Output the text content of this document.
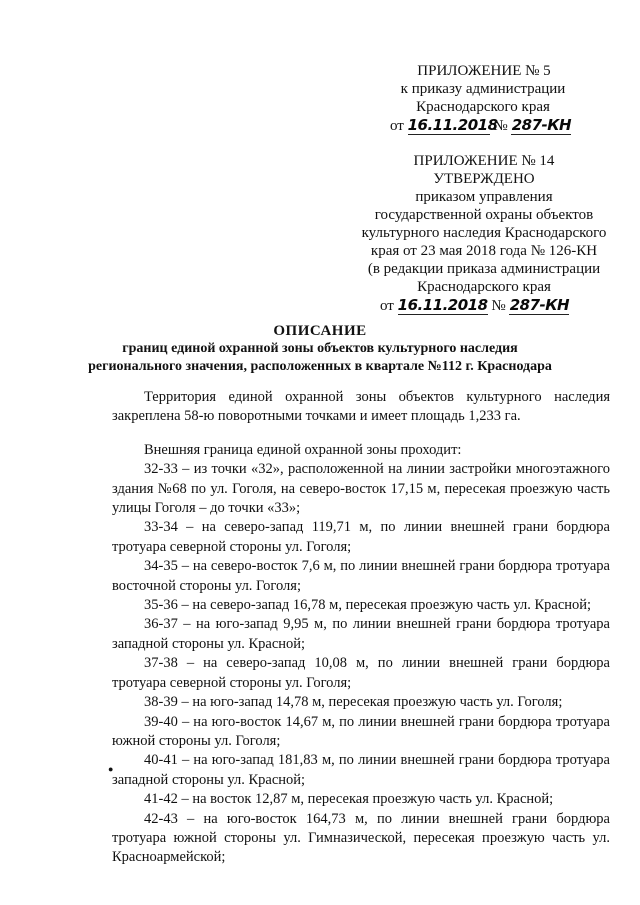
ПРИЛОЖЕНИЕ № 5
к приказу администрации
Краснодарского края
от 16.11.2018 № 287-КН
ПРИЛОЖЕНИЕ № 14
УТВЕРЖДЕНО
приказом управления
государственной охраны объектов
культурного наследия Краснодарского
края от 23 мая 2018 года № 126-КН
(в редакции приказа администрации
Краснодарского края
от 16.11.2018 № 287-КН
ОПИСАНИЕ
границ единой охранной зоны объектов культурного наследия
регионального значения, расположенных в квартале №112 г. Краснодара

Территория единой охранной зоны объектов культурного наследия закреплена 58-ю поворотными точками и имеет площадь 1,233 га.

Внешняя граница единой охранной зоны проходит:

32-33 – из точки «32», расположенной на линии застройки многоэтажного здания №68 по ул. Гоголя, на северо-восток 17,15 м, пересекая проезжую часть улицы Гоголя – до точки «33»;

33-34 – на северо-запад 119,71 м, по линии внешней грани бордюра тротуара северной стороны ул. Гоголя;

34-35 – на северо-восток 7,6 м, по линии внешней грани бордюра тротуара восточной стороны ул. Гоголя;

35-36 – на северо-запад 16,78 м, пересекая проезжую часть ул. Красной;

36-37 – на юго-запад 9,95 м, по линии внешней грани бордюра тротуара западной стороны ул. Красной;

37-38 – на северо-запад 10,08 м, по линии внешней грани бордюра тротуара северной стороны ул. Гоголя;

38-39 – на юго-запад 14,78 м, пересекая проезжую часть ул. Гоголя;

39-40 – на юго-восток 14,67 м, по линии внешней грани бордюра тротуара южной стороны ул. Гоголя;

40-41 – на юго-запад 181,83 м, по линии внешней грани бордюра тротуара западной стороны ул. Красной;

41-42 – на восток 12,87 м, пересекая проезжую часть ул. Красной;

42-43 – на юго-восток 164,73 м, по линии внешней грани бордюра тротуара южной стороны ул. Гимназической, пересекая проезжую часть ул. Красноармейской;

●
